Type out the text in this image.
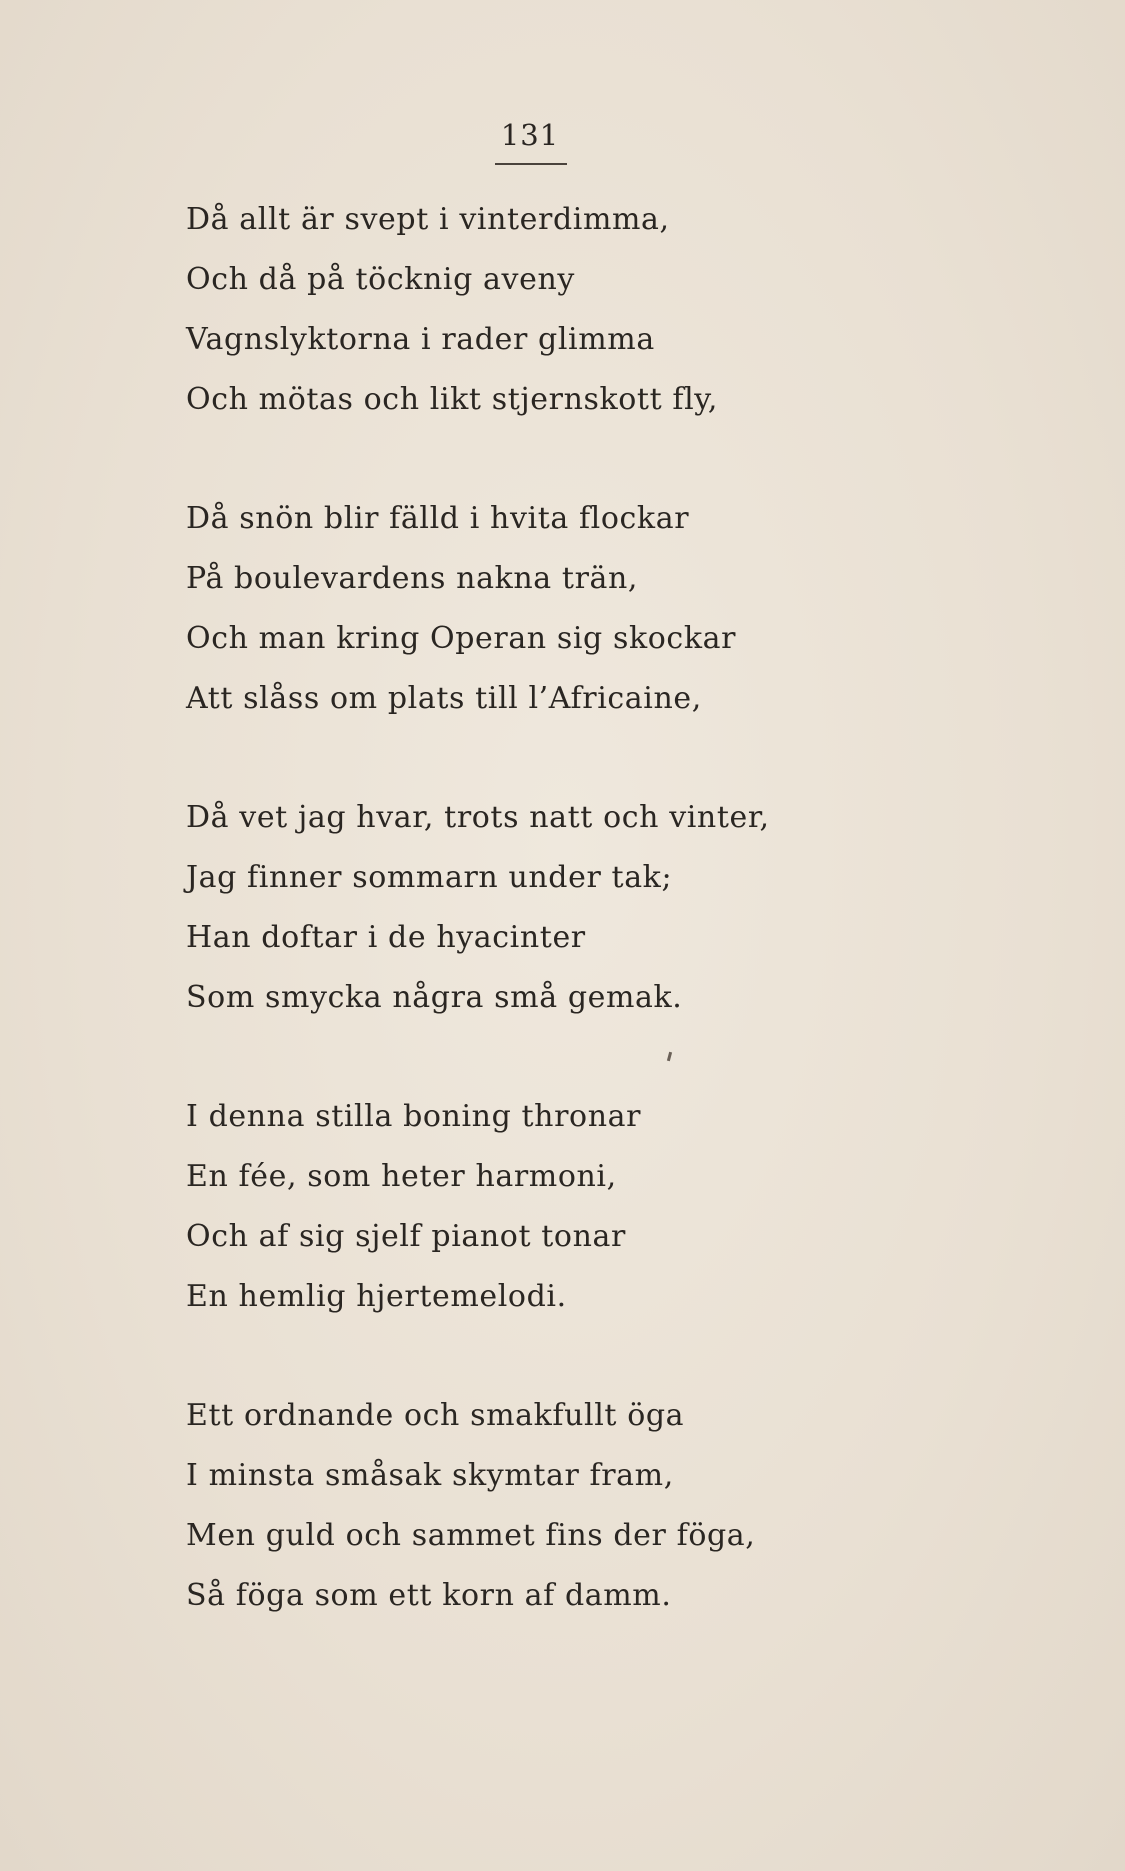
131
Då allt är svept i vinterdimma,
Och då på töcknig aveny
Vagnslyktorna i rader glimma
Och mötas och likt stjernskott fly,
Då snön blir fälld i hvita flockar
På boulevardens nakna trän,
Och man kring Operan sig skockar
Att slåss om plats till l’Africaine,
Då vet jag hvar, trots natt och vinter,
Jag finner sommarn under tak;
Han doftar i de hyacinter
Som smycka några små gemak.
I denna stilla boning thronar
En fée, som heter harmoni,
Och af sig sjelf pianot tonar
En hemlig hjertemelodi.
Ett ordnande och smakfullt öga
I minsta småsak skymtar fram,
Men guld och sammet fins der föga,
Så föga som ett korn af damm.
